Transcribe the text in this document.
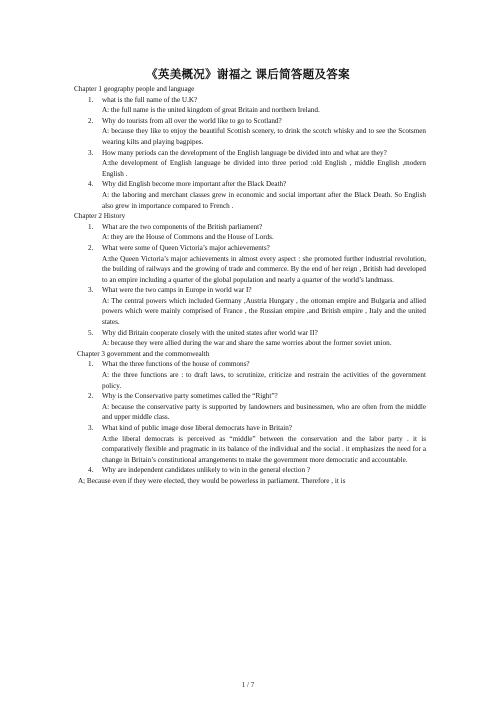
《英美概况》谢福之 课后简答题及答案
Chapter 1 geography people and language
1. what is the full name of the U.K?
A: the full name is the united kingdom of great Britain and northern Ireland.
2. Why do tourists from all over the world like to go to Scotland?
A: because they like to enjoy the beautiful Scottish scenery, to drink the scotch whisky and to see the Scotsmen wearing kilts and playing bagpipes.
3. How many periods can the development of the English language be divided into and what are they?
A:the development of English language be divided into three period :old English , middle English ,modern English .
4. Why did English become more important after the Black Death?
A: the laboring and merchant classes grew in economic and social important after the Black Death. So English also grew in importance compared to French .
Chapter 2 History
1. What are the two components of the British parliament?
A: they are the House of Commons and the House of Lords.
2. What were some of Queen Victoria’s major achievements?
A:the Queen Victoria’s major achievements in almost every aspect : she promoted further industrial revolution, the building of railways and the growing of trade and commerce. By the end of her reign , British had developed to an empire including a quarter of the global population and nearly a quarter of the world’s landmass.
3. What were the two camps in Europe in world war I?
A: The central powers which included Germany ,Austria Hungary , the ottoman empire and Bulgaria and allied powers which were mainly comprised of France , the Russian empire ,and British empire , Italy and the united states.
5. Why did Britain cooperate closely with the united states after world war II?
A: because they were allied during the war and share the same worries about the former soviet union.
Chapter 3 government and the commonwealth
1. What the three functions of the house of commons?
A: the three functions are : to draft laws, to scrutinize, criticize and restrain the activities of the government policy.
2. Why is the Conservative party sometimes called the “Right”?
A: because the conservative party is supported by landowners and businessmen, who are often from the middle and upper middle class.
3. What kind of public image dose liberal democrats have in Britain?
A:the liberal democrats is perceived as “middle” between the conservation and the labor party . it is comparatively flexible and pragmatic in its balance of the individual and the social . it emphasizes the need for a change in Britain’s constitutional arrangements to make the government more democratic and accountable.
4. Why are independent candidates unlikely to win in the general election ?
A; Because even if they were elected, they would be powerless in parliament. Therefore , it is
1 / 7
